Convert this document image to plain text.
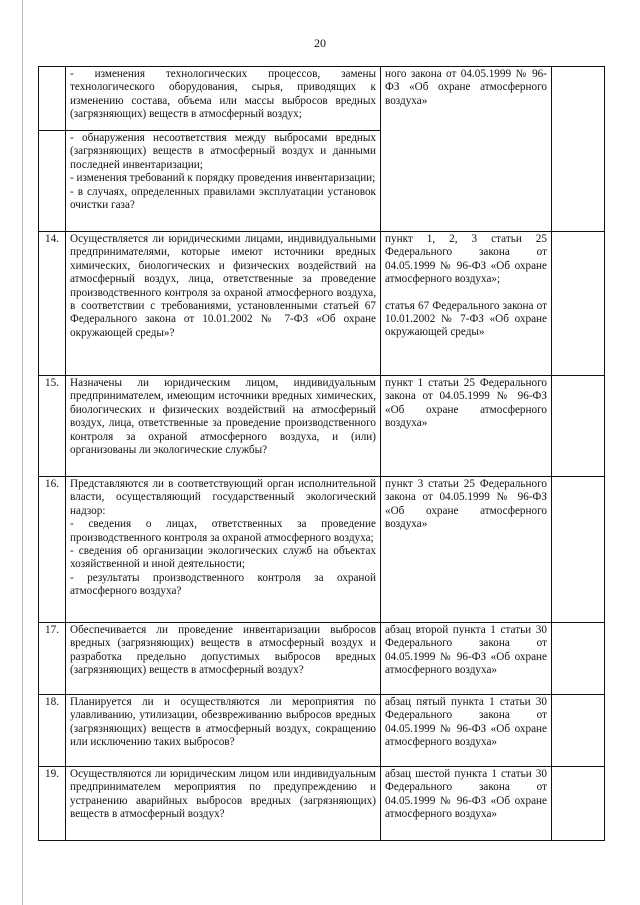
20

	- изменения технологических процессов, замены технологического оборудования, сырья, приводящих к изменению состава, объема или массы выбросов вредных (загрязняющих) веществ в атмосферный воздух;	ного закона от 04.05.1999 № 96-ФЗ «Об охране атмосферного воздуха»	

	- обнаружения несоответствия между выбросами вредных (загрязняющих) веществ в атмосферный воздух и данными последней инвентаризации;

- изменения требований к порядку проведения инвентаризации;

- в случаях, определенных правилами эксплуатации установок очистки газа?		

14.	Осуществляется ли юридическими лицами, индивидуальными предпринимателями, которые имеют источники вредных химических, биологических и физических воздействий на атмосферный воздух, лица, ответственные за проведение производственного контроля за охраной атмосферного воздуха, в соответствии с требованиями, установленными статьей 67 Федерального закона от 10.01.2002 № 7-ФЗ «Об охране окружающей среды»?	пункт 1, 2, 3 статьи 25 Федерального закона от 04.05.1999 № 96-ФЗ «Об охране атмосферного воздуха»;

статья 67 Федерального закона от 10.01.2002 № 7-ФЗ «Об охране окружающей среды»	

15.	Назначены ли юридическим лицом, индивидуальным предпринимателем, имеющим источники вредных химических, биологических и физических воздействий на атмосферный воздух, лица, ответственные за проведение производственного контроля за охраной атмосферного воздуха, и (или) организованы ли экологические службы?	пункт 1 статьи 25 Федерального закона от 04.05.1999 № 96-ФЗ «Об охране атмосферного воздуха»	

16.	Представляются ли в соответствующий орган исполнительной власти, осуществляющий государственный экологический надзор:

- сведения о лицах, ответственных за проведение производственного контроля за охраной атмосферного воздуха;

- сведения об организации экологических служб на объектах хозяйственной и иной деятельности;

- результаты производственного контроля за охраной атмосферного воздуха?	пункт 3 статьи 25 Федерального закона от 04.05.1999 № 96-ФЗ «Об охране атмосферного воздуха»	

17.	Обеспечивается ли проведение инвентаризации выбросов вредных (загрязняющих) веществ в атмосферный воздух и разработка предельно допустимых выбросов вредных (загрязняющих) веществ в атмосферный воздух?	абзац второй пункта 1 статьи 30 Федерального закона от 04.05.1999 № 96-ФЗ «Об охране атмосферного воздуха»	

18.	Планируется ли и осуществляются ли мероприятия по улавливанию, утилизации, обезвреживанию выбросов вредных (загрязняющих) веществ в атмосферный воздух, сокращению или исключению таких выбросов?	абзац пятый пункта 1 статьи 30 Федерального закона от 04.05.1999 № 96-ФЗ «Об охране атмосферного воздуха»	

19.	Осуществляются ли юридическим лицом или индивидуальным предпринимателем мероприятия по предупреждению и устранению аварийных выбросов вредных (загрязняющих) веществ в атмосферный воздух?	абзац шестой пункта 1 статьи 30 Федерального закона от 04.05.1999 № 96-ФЗ «Об охране атмосферного воздуха»	
